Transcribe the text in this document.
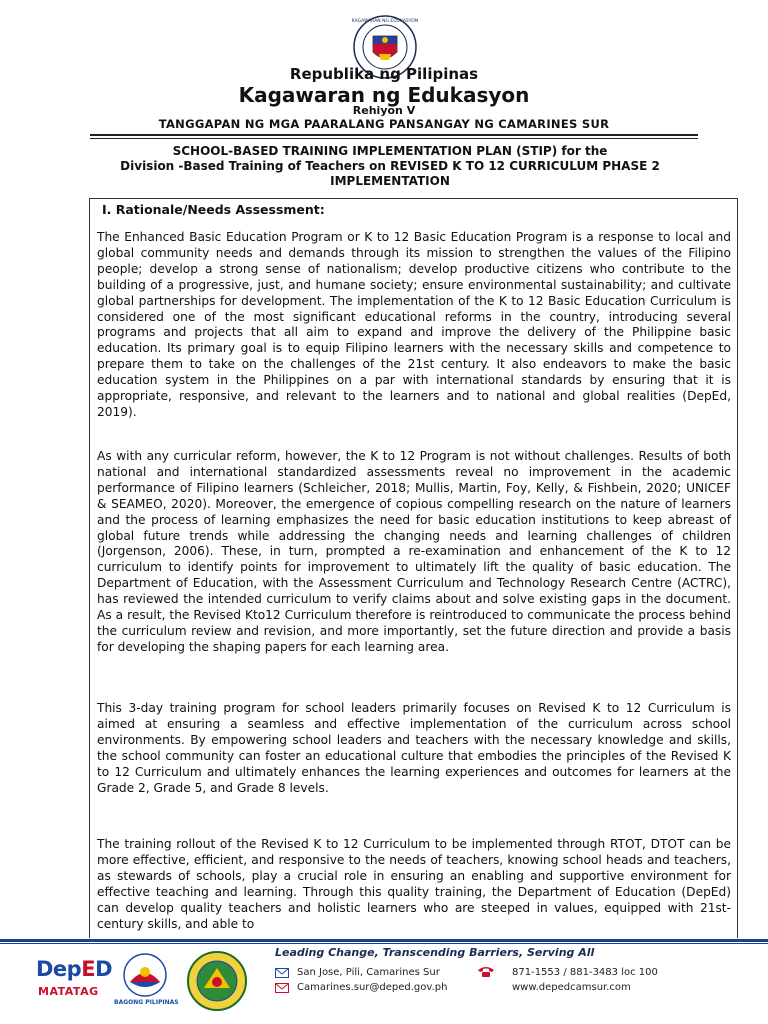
KAGAWARAN NG EDUKASYON
Republika ng Pilipinas
Kagawaran ng Edukasyon
Rehiyon V
TANGGAPAN NG MGA PAARALANG PANSANGAY NG CAMARINES SUR
SCHOOL-BASED TRAINING IMPLEMENTATION PLAN (STIP) for the
Division -Based Training of Teachers on REVISED K TO 12 CURRICULUM PHASE 2
IMPLEMENTATION
I. Rationale/Needs Assessment:

The Enhanced Basic Education Program or K to 12 Basic Education Program is a response to local and global community needs and demands through its mission to strengthen the values of the Filipino people; develop a strong sense of nationalism; develop productive citizens who contribute to the building of a progressive, just, and humane society; ensure environmental sustainability; and cultivate global partnerships for development. The implementation of the K to 12 Basic Education Curriculum is considered one of the most significant educational reforms in the country, introducing several programs and projects that all aim to expand and improve the delivery of the Philippine basic education. Its primary goal is to equip Filipino learners with the necessary skills and competence to prepare them to take on the challenges of the 21st century. It also endeavors to make the basic education system in the Philippines on a par with international standards by ensuring that it is appropriate, responsive, and relevant to the learners and to national and global realities (DepEd, 2019).

As with any curricular reform, however, the K to 12 Program is not without challenges. Results of both national and international standardized assessments reveal no improvement in the academic performance of Filipino learners (Schleicher, 2018; Mullis, Martin, Foy, Kelly, & Fishbein, 2020; UNICEF & SEAMEO, 2020). Moreover, the emergence of copious compelling research on the nature of learners and the process of learning emphasizes the need for basic education institutions to keep abreast of global future trends while addressing the changing needs and learning challenges of children (Jorgenson, 2006). These, in turn, prompted a re-examination and enhancement of the K to 12 curriculum to identify points for improvement to ultimately lift the quality of basic education. The Department of Education, with the Assessment Curriculum and Technology Research Centre (ACTRC), has reviewed the intended curriculum to verify claims about and solve existing gaps in the document. As a result, the Revised Kto12 Curriculum therefore is reintroduced to communicate the process behind the curriculum review and revision, and more importantly, set the future direction and provide a basis for developing the shaping papers for each learning area.

This 3-day training program for school leaders primarily focuses on Revised K to 12 Curriculum is aimed at ensuring a seamless and effective implementation of the curriculum across school environments. By empowering school leaders and teachers with the necessary knowledge and skills, the school community can foster an educational culture that embodies the principles of the Revised K to 12 Curriculum and ultimately enhances the learning experiences and outcomes for learners at the Grade 2, Grade 5, and Grade 8 levels.

The training rollout of the Revised K to 12 Curriculum to be implemented through RTOT, DTOT can be more effective, efficient, and responsive to the needs of teachers, knowing school heads and teachers, as stewards of schools, play a crucial role in ensuring an enabling and supportive environment for effective teaching and learning. Through this quality training, the Department of Education (DepEd) can develop quality teachers and holistic learners who are steeped in values, equipped with 21st-century skills, and able to

Leading Change, Transcending Barriers, Serving All
DepED
MATATAG
BAGONG PILIPINAS
San Jose, Pili, Camarines Sur
Camarines.sur@deped.gov.ph
871-1553 / 881-3483 loc 100
www.depedcamsur.com
